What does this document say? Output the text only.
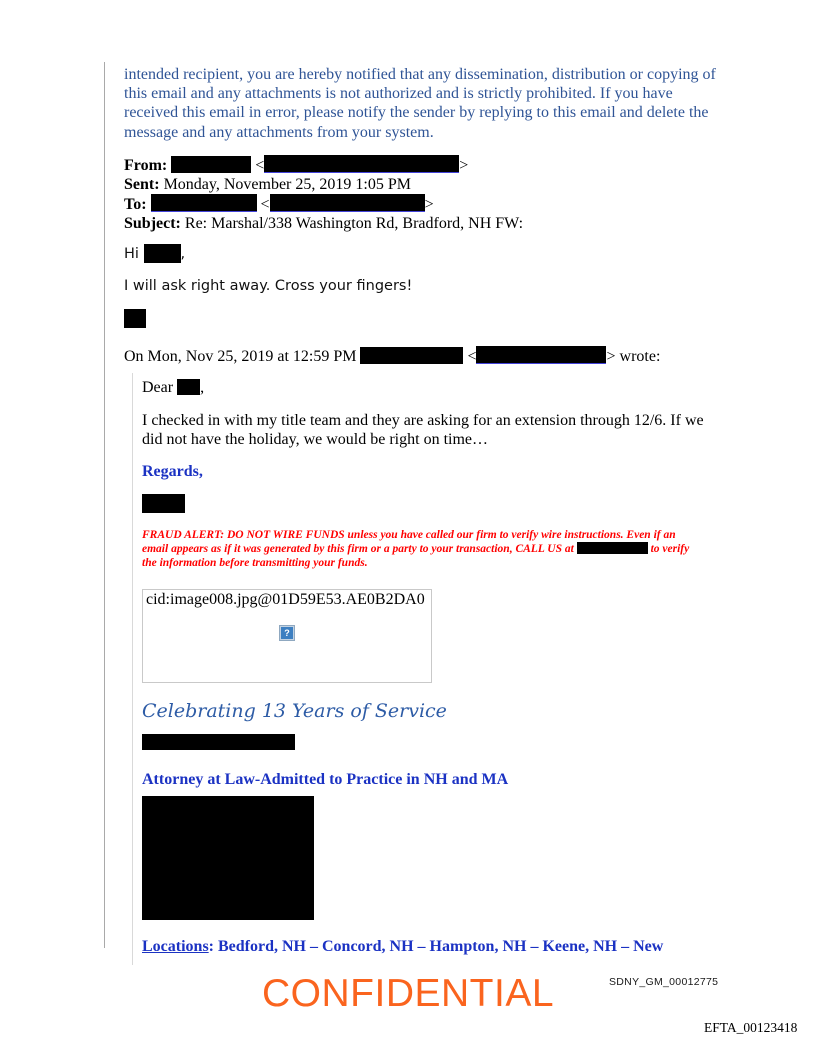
intended recipient, you are hereby notified that any dissemination, distribution or copying of
this email and any attachments is not authorized and is strictly prohibited. If you have
received this email in error, please notify the sender by replying to this email and delete the
message and any attachments from your system.

From:	<	>
Sent: Monday, November 25, 2019 1:05 PM
To:	<	>
Subject: Re: Marshal/338 Washington Rd, Bradford, NH FW:
Hi	,

I will ask right away. Cross your fingers!

On Mon, Nov 25, 2019 at 12:59 PM	<	> wrote:
Dear ,

I checked in with my title team and they are asking for an extension through 12/6. If we
did not have the holiday, we would be right on time…

Regards,

FRAUD ALERT: DO NOT WIRE FUNDS unless you have called our firm to verify wire instructions. Even if an email appears as if it was generated by this firm or a party to your transaction, CALL US at	to verify the information before transmitting your funds.

cid:image008.jpg@01D59E53.AE0B2DA0
?
Celebrating 13 Years of Service
Attorney at Law-Admitted to Practice in NH and MA
Locations: Bedford, NH – Concord, NH – Hampton, NH – Keene, NH – New
CONFIDENTIAL	SDNY_GM_00012775
EFTA_00123418
